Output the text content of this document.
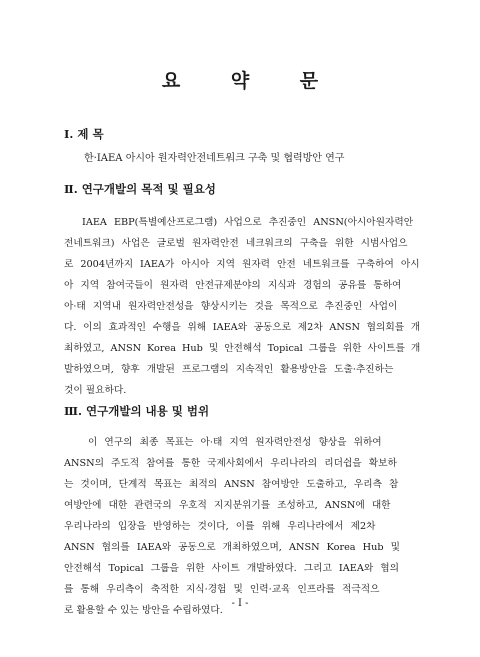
요 약 문
Ⅰ. 제 목
한·IAEA 아시아 원자력안전네트워크 구축 및 협력방안 연구
Ⅱ. 연구개발의 목적 및 필요성
IAEA EBP(특별예산프로그램) 사업으로 추진중인 ANSN(아시아원자력안
전네트워크) 사업은 글로벌 원자력안전 네크워크의 구축을 위한 시범사업으
로 2004년까지 IAEA가 아시아 지역 원자력 안전 네트워크를 구축하여 아시
아 지역 참여국들이 원자력 안전규제분야의 지식과 경험의 공유를 통하여
아·태 지역내 원자력안전성을 향상시키는 것을 목적으로 추진중인 사업이
다. 이의 효과적인 수행을 위해 IAEA와 공동으로 제2차 ANSN 협의회를 개
최하였고, ANSN Korea Hub 및 안전해석 Topical 그룹을 위한 사이트를 개
발하였으며, 향후 개발된 프로그램의 지속적인 활용방안을 도출·추진하는
것이 필요하다.
Ⅲ. 연구개발의 내용 및 범위
이 연구의 최종 목표는 아·태 지역 원자력안전성 향상을 위하여
ANSN의 주도적 참여를 통한 국제사회에서 우리나라의 리더쉽을 확보하
는 것이며, 단계적 목표는 최적의 ANSN 참여방안 도출하고, 우리측 참
여방안에 대한 관련국의 우호적 지지분위기를 조성하고, ANSN에 대한
우리나라의 입장을 반영하는 것이다, 이를 위해 우리나라에서 제2차
ANSN 협의를 IAEA와 공동으로 개최하였으며, ANSN Korea Hub 및
안전해석 Topical 그룹을 위한 사이트 개발하였다. 그리고 IAEA와 협의
를 통해 우리측이 축적한 지식·경험 및 인력·교육 인프라를 적극적으
로 활용할 수 있는 방안을 수립하였다.
- I -
